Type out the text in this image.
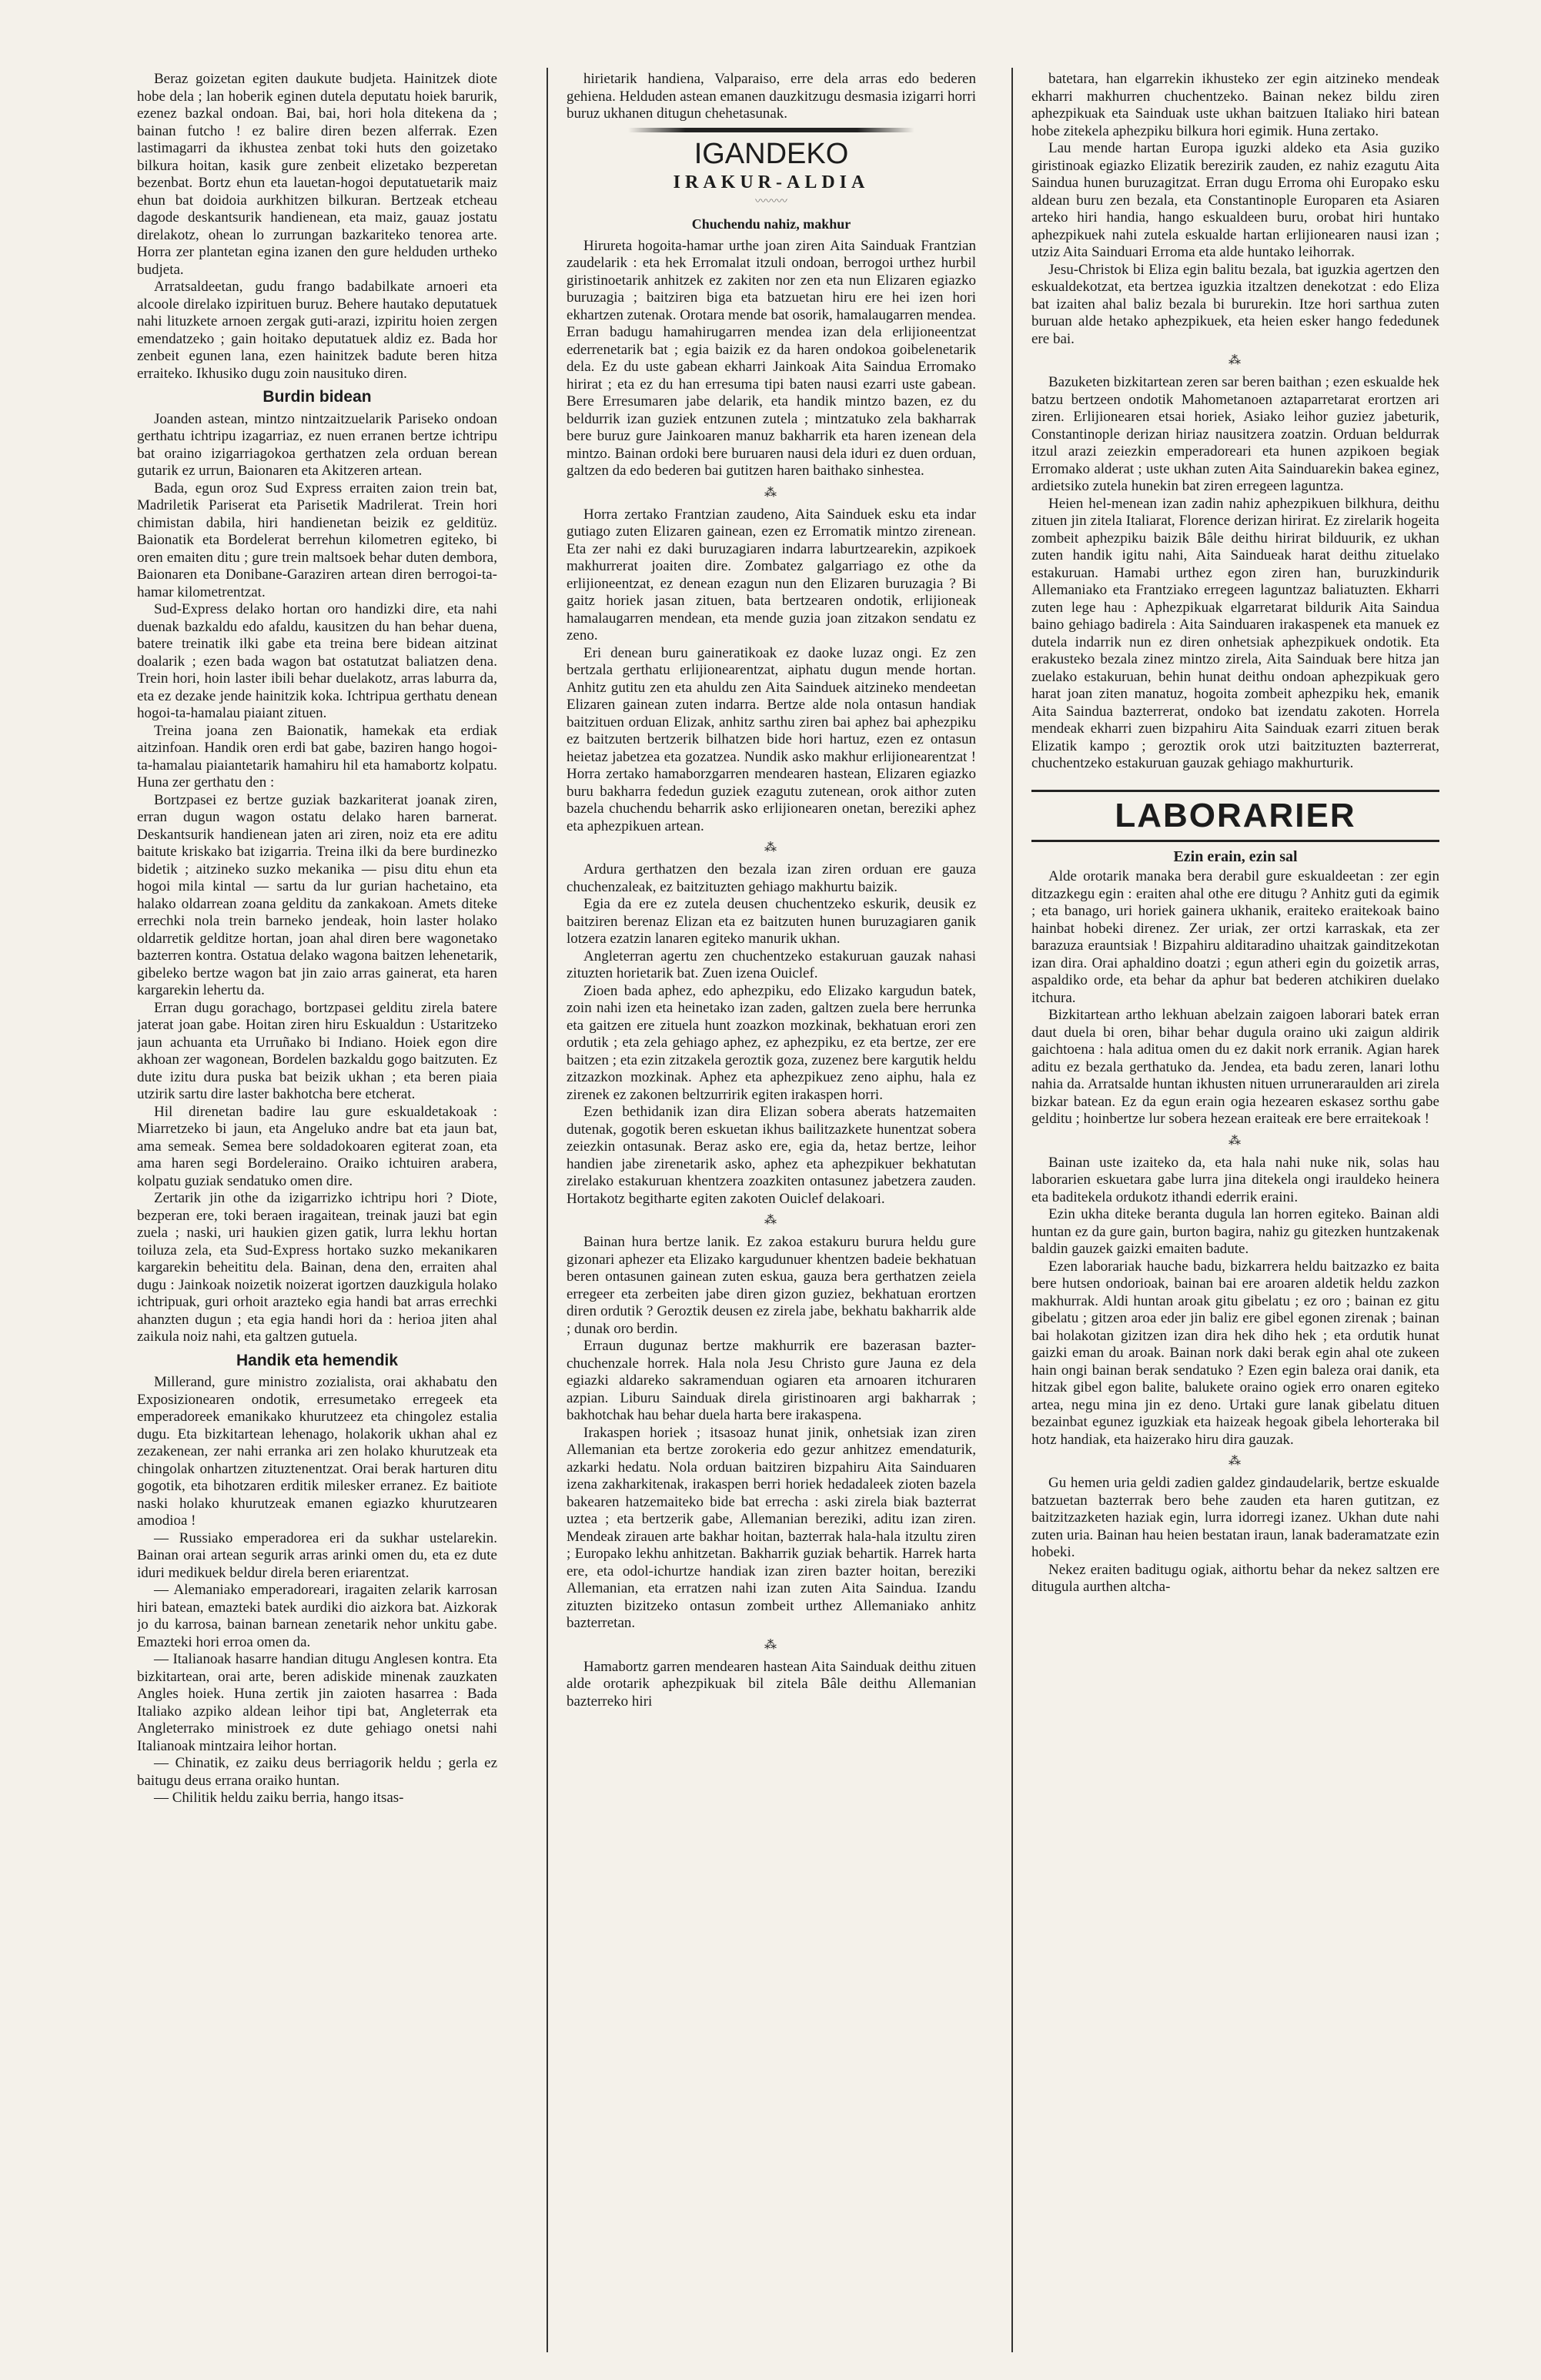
Beraz goizetan egiten daukute budjeta. Hainitzek diote hobe dela ; lan hoberik eginen dutela deputatu hoiek barurik, ezenez bazkal ondoan. Bai, bai, hori hola ditekena da ; bainan futcho ! ez balire diren bezen alferrak. Ezen lastimagarri da ikhustea zenbat toki huts den goizetako bilkura hoitan, kasik gure zenbeit elizetako bezperetan bezenbat. Bortz ehun eta lauetan-hogoi deputatuetarik maiz ehun bat doidoia aurkhitzen bilkuran. Bertzeak etcheau dagode deskantsurik handienean, eta maiz, gauaz jostatu direlakotz, ohean lo zurrungan bazkariteko tenorea arte. Horra zer plantetan egina izanen den gure helduden urtheko budjeta.

Arratsaldeetan, gudu frango badabilkate arnoeri eta alcoole direlako izpirituen buruz. Behere hautako deputatuek nahi lituzkete arnoen zergak guti-arazi, izpiritu hoien zergen emendatzeko ; gain hoitako deputatuek aldiz ez. Bada hor zenbeit egunen lana, ezen hainitzek badute beren hitza erraiteko. Ikhusiko dugu zoin nausituko diren.

Burdin bidean

Joanden astean, mintzo nintzaitzuelarik Pariseko ondoan gerthatu ichtripu izagarriaz, ez nuen erranen bertze ichtripu bat oraino izigarriagokoa gerthatzen zela orduan berean gutarik ez urrun, Baionaren eta Akitzeren artean.

Bada, egun oroz Sud Express erraiten zaion trein bat, Madriletik Pariserat eta Parisetik Madrilerat. Trein hori chimistan dabila, hiri handienetan beizik ez gelditüz. Baionatik eta Bordelerat berrehun kilometren egiteko, bi oren emaiten ditu ; gure trein maltsoek behar duten dembora, Baionaren eta Donibane-Garaziren artean diren berrogoi-ta-hamar kilometrentzat.

Sud-Express delako hortan oro handizki dire, eta nahi duenak bazkaldu edo afaldu, kausitzen du han behar duena, batere treinatik ilki gabe eta treina bere bidean aitzinat doalarik ; ezen bada wagon bat ostatutzat baliatzen dena. Trein hori, hoin laster ibili behar duelakotz, arras laburra da, eta ez dezake jende hainitzik koka. Ichtripua gerthatu denean hogoi-ta-hamalau piaiant zituen.

Treina joana zen Baionatik, hamekak eta erdiak aitzinfoan. Handik oren erdi bat gabe, baziren hango hogoi-ta-hamalau piaiantetarik hamahiru hil eta hamabortz kolpatu. Huna zer gerthatu den :

Bortzpasei ez bertze guziak bazkariterat joanak ziren, erran dugun wagon ostatu delako haren barnerat. Deskantsurik handienean jaten ari ziren, noiz eta ere aditu baitute kriskako bat izigarria. Treina ilki da bere burdinezko bidetik ; aitzineko suzko mekanika — pisu ditu ehun eta hogoi mila kintal — sartu da lur gurian hachetaino, eta halako oldarrean zoana gelditu da zankakoan. Amets diteke errechki nola trein barneko jendeak, hoin laster holako oldarretik gelditze hortan, joan ahal diren bere wagonetako bazterren kontra. Ostatua delako wagona baitzen lehenetarik, gibeleko bertze wagon bat jin zaio arras gainerat, eta haren kargarekin lehertu da.

Erran dugu gorachago, bortzpasei gelditu zirela batere jaterat joan gabe. Hoitan ziren hiru Eskualdun : Ustaritzeko jaun achuanta eta Urruñako bi Indiano. Hoiek egon dire akhoan zer wagonean, Bordelen bazkaldu gogo baitzuten. Ez dute izitu dura puska bat beizik ukhan ; eta beren piaia utzirik sartu dire laster bakhotcha bere etcherat.

Hil direnetan badire lau gure eskualdetakoak : Miarretzeko bi jaun, eta Angeluko andre bat eta jaun bat, ama semeak. Semea bere soldadokoaren egiterat zoan, eta ama haren segi Bordeleraino. Oraiko ichtuiren araberа, kolpatu guziak sendatuko omen dire.

Zertarik jin othe da izigarrizko ichtripu hori ? Diote, bezperan ere, toki beraen iragaitean, treinak jauzi bat egin zuela ; naski, uri haukien gizen gatik, lurra lekhu hortan toiluza zela, eta Sud-Express hortako suzko mekanikaren kargarekin beheititu dela. Bainan, dena den, erraiten ahal dugu : Jainkoak noizetik noizerat igortzen dauzkigula holako ichtripuak, guri orhoit arazteko egia handi bat arras errechki ahanzten dugun ; eta egia handi hori da : herioa jiten ahal zaikula noiz nahi, eta galtzen gutuela.

Handik eta hemendik

Millerand, gure ministro zozialista, orai akhabatu den Exposizionearen ondotik, erresumetako erregeek eta emperadoreek emanikako khurutzeez eta chingolez estalia dugu. Eta bizkitartean lehenago, holakorik ukhan ahal ez zezakenean, zer nahi erranka ari zen holako khurutzeak eta chingolak onhartzen zituztenentzat. Orai berak harturen ditu gogotik, eta bihotzaren erditik milesker erranez. Ez baitiote naski holako khurutzeak emanen egiazko khurutzearen amodioa !

— Russiako emperadorea eri da sukhar ustelarekin. Bainan orai artean segurik arras arinki omen du, eta ez dute iduri medikuek beldur direla beren eriarentzat.

— Alemaniako emperadoreari, iragaiten zelarik karrosan hiri batean, emazteki batek aurdiki dio aizkora bat. Aizkorak jo du karrosa, bainan barnean zenetarik nehor unkitu gabe. Emazteki hori erroa omen da.

— Italianoak hasarre handian ditugu Anglesen kontra. Eta bizkitartean, orai arte, beren adiskide minenak zauzkaten Angles hoiek. Huna zertik jin zaioten hasarrea : Bada Italiako azpiko aldean leihor tipi bat, Angleterrak eta Angleterrako ministroek ez dute gehiago onetsi nahi Italianoak mintzaira leihor hortan.

— Chinatik, ez zaiku deus berriagorik heldu ; gerla ez baitugu deus errana oraiko huntan.

— Chilitik heldu zaiku berria, hango itsas-

hirietarik handiena, Valparaiso, erre dela arras edo bederen gehiena. Helduden astean emanen dauzkitzugu desmasia izigarri horri buruz ukhanen ditugun chehetasunak.

IGANDEKO
IRAKUR-ALDIA
〰〰〰
Chuchendu nahiz, makhur

Hirureta hogoita-hamar urthe joan ziren Aita Sainduak Frantzian zaudelarik : eta hek Erromalat itzuli ondoan, berrogoi urthez hurbil giristinoetarik anhitzek ez zakiten nor zen eta nun Elizaren egiazko buruzagia ; baitziren biga eta batzuetan hiru ere hei izen hori ekhartzen zutenak. Orotara mende bat osorik, hamalaugarren mendea. Erran badugu hamahirugarren mendea izan dela erlijioneentzat ederrenetarik bat ; egia baizik ez da haren ondokoa goibelenetarik dela. Ez du uste gabean ekharri Jainkoak Aita Saindua Erromako hirirat ; eta ez du han erresuma tipi baten nausi ezarri uste gabean. Bere Erresumaren jabe delarik, eta handik mintzo bazen, ez du beldurrik izan guziek entzunen zutela ; mintzatuko zela bakharrak bere buruz gure Jainkoaren manuz bakharrik eta haren izenean dela mintzo. Bainan ordoki bere buruaren nausi dela iduri ez duen orduan, galtzen da edo bederen bai gutitzen haren baithako sinhestea.

⁂

Horra zertako Frantzian zaudeno, Aita Sainduek esku eta indar gutiago zuten Elizaren gainean, ezen ez Erromatik mintzo zirenean. Eta zer nahi ez daki buruzagiaren indarra laburtzearekin, azpikoek makhurrerat joaiten dire. Zombatez galgarriago ez othe da erlijioneentzat, ez denean ezagun nun den Elizaren buruzagia ? Bi gaitz horiek jasan zituen, bata bertzearen ondotik, erlijioneak hamalaugarren mendean, eta mende guzia joan zitzakon sendatu ez zeno.

Eri denean buru gaineratikoak ez daoke luzaz ongi. Ez zen bertzala gerthatu erlijionearentzat, aiphatu dugun mende hortan. Anhitz gutitu zen eta ahuldu zen Aita Sainduek aitzineko mendeetan Elizaren gainean zuten indarra. Bertze alde nola ontasun handiak baitzituen orduan Elizak, anhitz sarthu ziren bai aphez bai aphezpiku ez baitzuten bertzerik bilhatzen bide hori hartuz, ezen ez ontasun heietaz jabetzea eta gozatzea. Nundik asko makhur erlijionearentzat ! Horra zertako hamaborzgarren mendearen hastean, Elizaren egiazko buru bakharra fededun guziek ezagutu zutenean, orok aithor zuten bazela chuchendu beharrik asko erlijionearen onetan, bereziki aphez eta aphezpikuen artean.

⁂

Ardura gerthatzen den bezala izan ziren orduan ere gauza chuchenzaleak, ez baitzituzten gehiago makhurtu baizik.

Egia da ere ez zutela deusen chuchentzeko eskurik, deusik ez baitziren berenaz Elizan eta ez baitzuten hunen buruzagiaren ganik lotzera ezatzin lanaren egiteko manurik ukhan.

Angleterran agertu zen chuchentzeko estakuruan gauzak nahasi zituzten horietarik bat. Zuen izena Ouiclef.

Zioen bada aphez, edo aphezpiku, edo Elizako kargudun batek, zoin nahi izen eta heinetako izan zaden, galtzen zuela bere herrunka eta gaitzen ere zituela hunt zoazkon mozkinak, bekhatuan erori zen ordutik ; eta zela gehiago aphez, ez aphezpiku, ez eta bertze, zer ere baitzen ; eta ezin zitzakela geroztik goza, zuzenez bere kargutik heldu zitzazkon mozkinak. Aphez eta aphezpikuez zeno aiphu, hala ez zirenek ez zakonen beltzurririk egiten irakaspen horri.

Ezen bethidanik izan dira Elizan sobera aberats hatzemaiten dutenak, gogotik beren eskuetan ikhus bailitzazkete hunentzat sobera zeiezkin ontasunak. Beraz asko ere, egia da, hetaz bertze, leihor handien jabe zirenetarik asko, aphez eta aphezpikuer bekhatutan zirelako estakuruan khentzera zoazkiten ontasunez jabetzera zauden. Hortakotz begitharte egiten zakoten Ouiclef delakoari.

⁂

Bainan hura bertze lanik. Ez zakoa estakuru burura heldu gure gizonari aphezer eta Elizako kargudunuer khentzen badeie bekhatuan beren ontasunen gainean zuten eskua, gauza bera gerthatzen zeiela erregeer eta zerbeiten jabe diren gizon guziez, bekhatuan erortzen diren ordutik ? Geroztik deusen ez zirela jabe, bekhatu bakharrik alde ; dunak oro berdin.

Erraun dugunaz bertze makhurrik ere bazerasan bazter-chuchenzale horrek. Hala nola Jesu Christo gure Jauna ez dela egiazki aldareko sakramenduan ogiaren eta arnoaren itchuraren azpian. Liburu Sainduak direla giristinoaren argi bakharrak ; bakhotchak hau behar duela harta bere irakaspena.

Irakaspen horiek ; itsasoaz hunat jinik, onhetsiak izan ziren Allemanian eta bertze zorokeria edo gezur anhitzez emendaturik, azkarki hedatu. Nola orduan baitziren bizpahiru Aita Sainduaren izena zakharkitenak, irakaspen berri horiek hedadaleek zioten bazela bakearen hatzemaiteko bide bat errecha : aski zirela biak bazterrat uztea ; eta bertzerik gabe, Allemanian bereziki, aditu izan ziren. Mendeak zirauen arte bakhar hoitan, bazterrak hala-hala itzultu ziren ; Europako lekhu anhitzetan. Bakharrik guziak behartik. Harrek harta ere, eta odol-ichurtze handiak izan ziren bazter hoitan, bereziki Allemanian, eta erratzen nahi izan zuten Aita Saindua. Izandu zituzten bizitzeko ontasun zombeit urthez Allemaniako anhitz bazterretan.

⁂

Hamabortz garren mendearen hastean Aita Sainduak deithu zituen alde orotarik aphezpikuak bil zitela Bâle deithu Allemanian bazterreko hiri

batetara, han elgarrekin ikhusteko zer egin aitzineko mendeak ekharri makhurren chuchentzeko. Bainan nekez bildu ziren aphezpikuak eta Sainduak uste ukhan baitzuen Italiako hiri batean hobe zitekela aphezpiku bilkura hori egimik. Huna zertako.

Lau mende hartan Europa iguzki aldeko eta Asia guziko giristinoak egiazko Elizatik berezirik zauden, ez nahiz ezagutu Aita Saindua hunen buruzagitzat. Erran dugu Erroma ohi Europako esku aldean buru zen bezala, eta Constantinople Europaren eta Asiaren arteko hiri handia, hango eskualdeen buru, orobat hiri huntako aphezpikuek nahi zutela eskualde hartan erlijionearen nausi izan ; utziz Aita Sainduari Erroma eta alde huntako leihorrak.

Jesu-Christok bi Eliza egin balitu bezala, bat iguzkia agertzen den eskualdekotzat, eta bertzea iguzkia itzaltzen denekotzat : edo Eliza bat izaiten ahal baliz bezala bi bururekin. Itze hori sarthua zuten buruan alde hetako aphezpikuek, eta heien esker hango fededunek ere bai.

⁂

Bazuketen bizkitartean zeren sar beren baithan ; ezen eskualde hek batzu bertzeen ondotik Mahometanoen aztaparretarat erortzen ari ziren. Erlijionearen etsai horiek, Asiako leihor guziez jabeturik, Constantinople derizan hiriaz nausitzera zoatzin. Orduan beldurrak itzul arazi zeiezkin emperadoreari eta hunen azpikoen begiak Erromako alderat ; uste ukhan zuten Aita Sainduarekin bakea eginez, ardietsiko zutela hunekin bat ziren erregeen laguntza.

Heien hel-menean izan zadin nahiz aphezpikuen bilkhura, deithu zituen jin zitela Italiarat, Florence derizan hirirat. Ez zirelarik hogeita zombeit aphezpiku baizik Bâle deithu hirirat bilduurik, ez ukhan zuten handik igitu nahi, Aita Saindueak harat deithu zituelako estakuruan. Hamabi urthez egon ziren han, buruzkindurik Allemaniako eta Frantziako erregeen laguntzaz baliatuzten. Ekharri zuten lege hau : Aphezpikuak elgarretarat bildurik Aita Saindua baino gehiago badirela : Aita Sainduaren irakaspenek eta manuek ez dutela indarrik nun ez diren onhetsiak aphezpikuek ondotik. Eta erakusteko bezala zinez mintzo zirela, Aita Sainduak bere hitza jan zuelako estakuruan, behin hunat deithu ondoan aphezpikuak gero harat joan ziten manatuz, hogoita zombeit aphezpiku hek, emanik Aita Saindua bazterrerat, ondoko bat izendatu zakoten. Horrela mendeak ekharri zuen bizpahiru Aita Sainduak ezarri zituen berak Elizatik kampo ; geroztik orok utzi baitzituzten bazterrerat, chuchentzeko estakuruan gauzak gehiago makhurturik.

LABORARIER
Ezin erain, ezin sal

Alde orotarik manaka bera derabil gure eskualdeetan : zer egin ditzazkegu egin : eraiten ahal othe ere ditugu ? Anhitz guti da egimik ; eta banago, uri horiek gainera ukhanik, eraiteko eraitekoak baino hainbat hobeki direnez. Zer uriak, zer ortzi karraskak, eta zer barazuza erauntsiak ! Bizpahiru alditaradino uhaitzak gainditzekotan izan dira. Orai aphaldino doatzi ; egun atheri egin du goizetik arras, aspaldiko orde, eta behar da aphur bat bederen atchikiren duelako itchura.

Bizkitartean artho lekhuan abelzain zaigoen laborari batek erran daut duela bi oren, bihar behar dugula oraino uki zaigun aldirik gaichtoena : hala aditua omen du ez dakit nork erranik. Agian harek aditu ez bezala gerthatuko da. Jendea, eta badu zeren, lanari lothu nahia da. Arratsalde huntan ikhusten nituen urruneraraulden ari zirela bizkar batean. Ez da egun erain ogia hezearen eskasez sorthu gabe gelditu ; hoinbertze lur sobera hezean eraiteak ere bere erraitekoak !

⁂

Bainan uste izaiteko da, eta hala nahi nuke nik, solas hau laborarien eskuetara gabe lurra jina ditekela ongi irauldeko heinera eta baditekela ordukotz ithandi ederrik eraini.

Ezin ukha diteke beranta dugula lan horren egiteko. Bainan aldi huntan ez da gure gain, burton bagira, nahiz gu gitezken huntzakenak baldin gauzek gaizki emaiten badute.

Ezen laborariak hauche badu, bizkarrera heldu baitzazko ez baita bere hutsen ondorioak, bainan bai ere aroaren aldetik heldu zazkon makhurrak. Aldi huntan aroak gitu gibelatu ; ez oro ; bainan ez gitu gibelatu ; gitzen aroa eder jin baliz ere gibel egonen zirenak ; bainan bai holakotan gizitzen izan dira hek diho hek ; eta ordutik hunat gaizki eman du aroak. Bainan nork daki berak egin ahal ote zukeen hain ongi bainan berak sendatuko ? Ezen egin baleza orai danik, eta hitzak gibel egon balite, balukete oraino ogiek erro onaren egiteko artea, negu mina jin ez deno. Urtaki gure lanak gibelatu dituen bezainbat egunez iguzkiak eta haizeak hegoak gibela lehorteraka bil hotz handiak, eta haizerako hiru dira gauzak.

⁂

Gu hemen uria geldi zadien galdez gindaudelarik, bertze eskualde batzuetan bazterrak bero behe zauden eta haren gutitzan, ez baitzitzazketen haziak egin, lurra idorregi izanez. Ukhan dute nahi zuten uria. Bainan hau heien bestatan iraun, lanak baderamatzate ezin hobeki.

Nekez eraiten baditugu ogiak, aithortu behar da nekez saltzen ere ditugula aurthen altcha-
